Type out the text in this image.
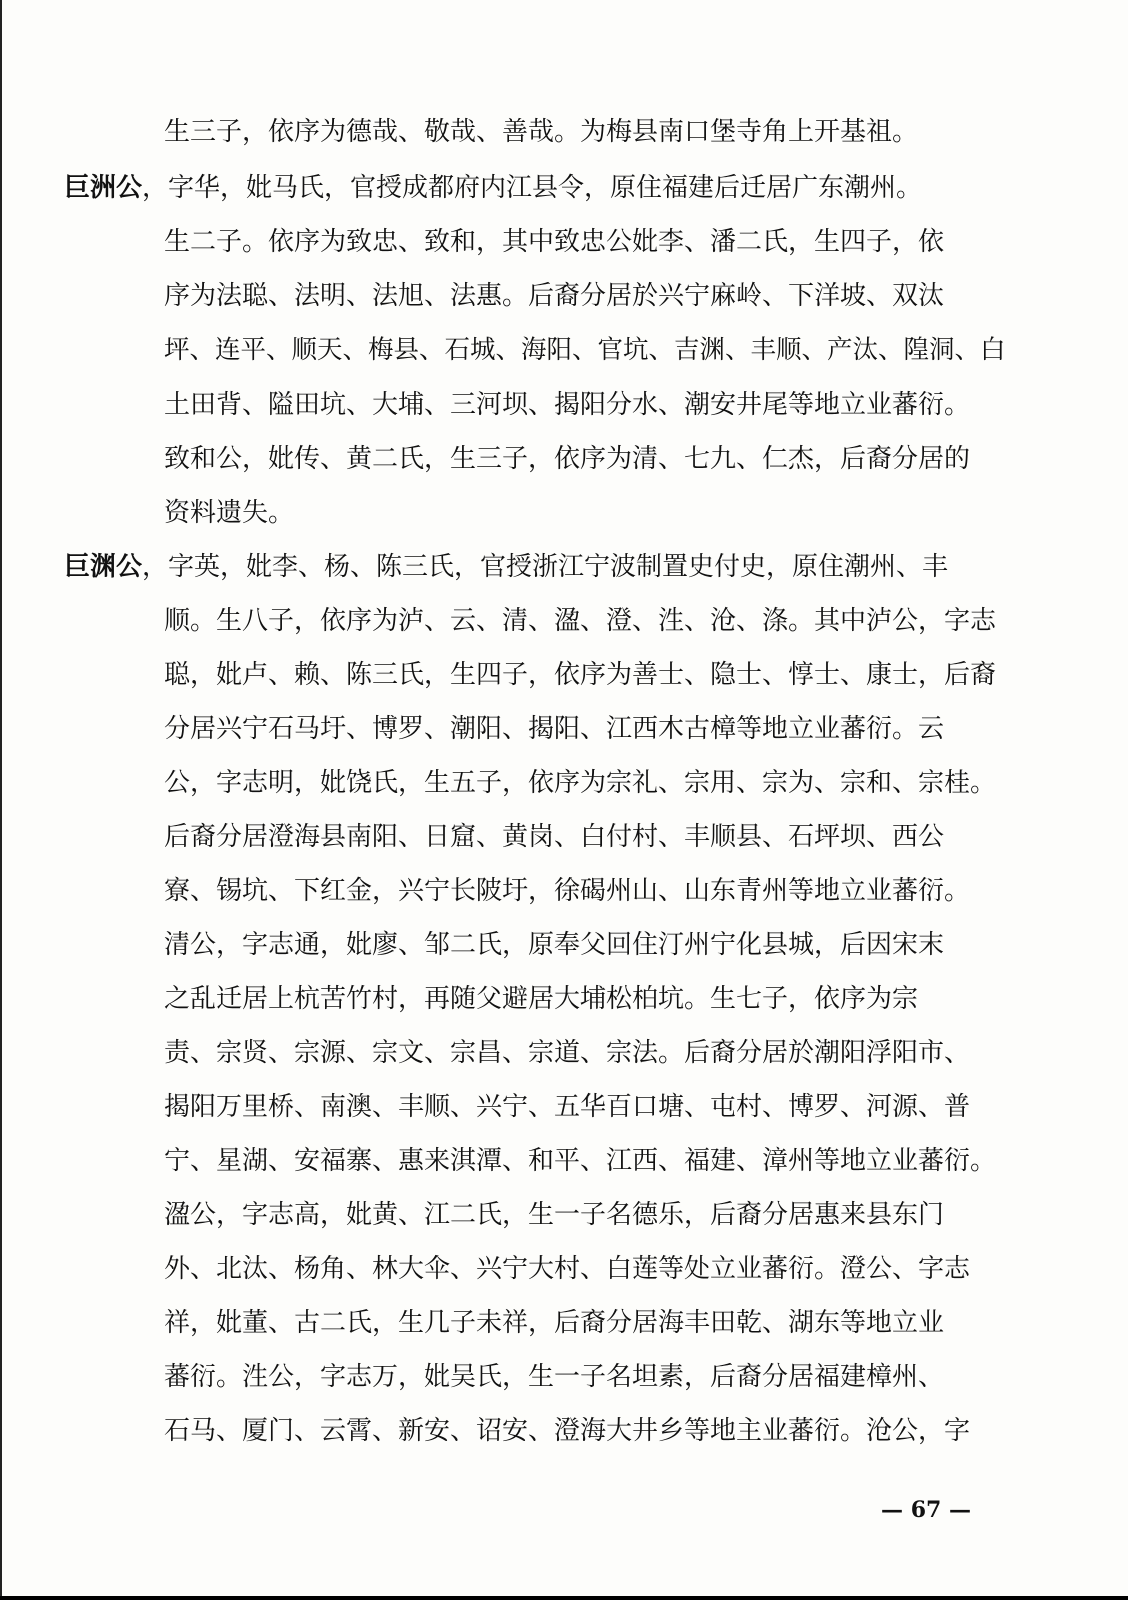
生三子，依序为德哉、敬哉、善哉。为梅县南口堡寺角上开基祖。
巨洲公，字华，妣马氏，官授成都府内江县令，原住福建后迁居广东潮州。
生二子。依序为致忠、致和，其中致忠公妣李、潘二氏，生四子，依
序为法聪、法明、法旭、法惠。后裔分居於兴宁麻岭、下洋坡、双汰
坪、连平、顺天、梅县、石城、海阳、官坑、吉渊、丰顺、产汰、隍洞、白
土田背、隘田坑、大埔、三河坝、揭阳分水、潮安井尾等地立业蕃衍。
致和公，妣传、黄二氏，生三子，依序为清、七九、仁杰，后裔分居的
资料遗失。
巨渊公，字英，妣李、杨、陈三氏，官授浙江宁波制置史付史，原住潮州、丰
顺。生八子，依序为泸、云、清、溋、澄、泩、沧、涤。其中泸公，字志
聪，妣卢、赖、陈三氏，生四子，依序为善士、隐士、惇士、康士，后裔
分居兴宁石马圩、博罗、潮阳、揭阳、江西木古樟等地立业蕃衍。云
公，字志明，妣饶氏，生五子，依序为宗礼、宗用、宗为、宗和、宗桂。
后裔分居澄海县南阳、日窟、黄岗、白付村、丰顺县、石坪坝、西公
寮、锡坑、下红金，兴宁长陂圩，徐碣州山、山东青州等地立业蕃衍。
清公，字志通，妣廖、邹二氏，原奉父回住汀州宁化县城，后因宋末
之乱迁居上杭苦竹村，再随父避居大埔松柏坑。生七子，依序为宗
责、宗贤、宗源、宗文、宗昌、宗道、宗法。后裔分居於潮阳浮阳市、
揭阳万里桥、南澳、丰顺、兴宁、五华百口塘、屯村、博罗、河源、普
宁、星湖、安福寨、惠来淇潭、和平、江西、福建、漳州等地立业蕃衍。
溋公，字志高，妣黄、江二氏，生一子名德乐，后裔分居惠来县东门
外、北汰、杨角、林大伞、兴宁大村、白莲等处立业蕃衍。澄公、字志
祥，妣董、古二氏，生几子未祥，后裔分居海丰田乾、湖东等地立业
蕃衍。泩公，字志万，妣吴氏，生一子名坦素，后裔分居福建樟州、
石马、厦门、云霄、新安、诏安、澄海大井乡等地主业蕃衍。沧公，字
— 67 —
